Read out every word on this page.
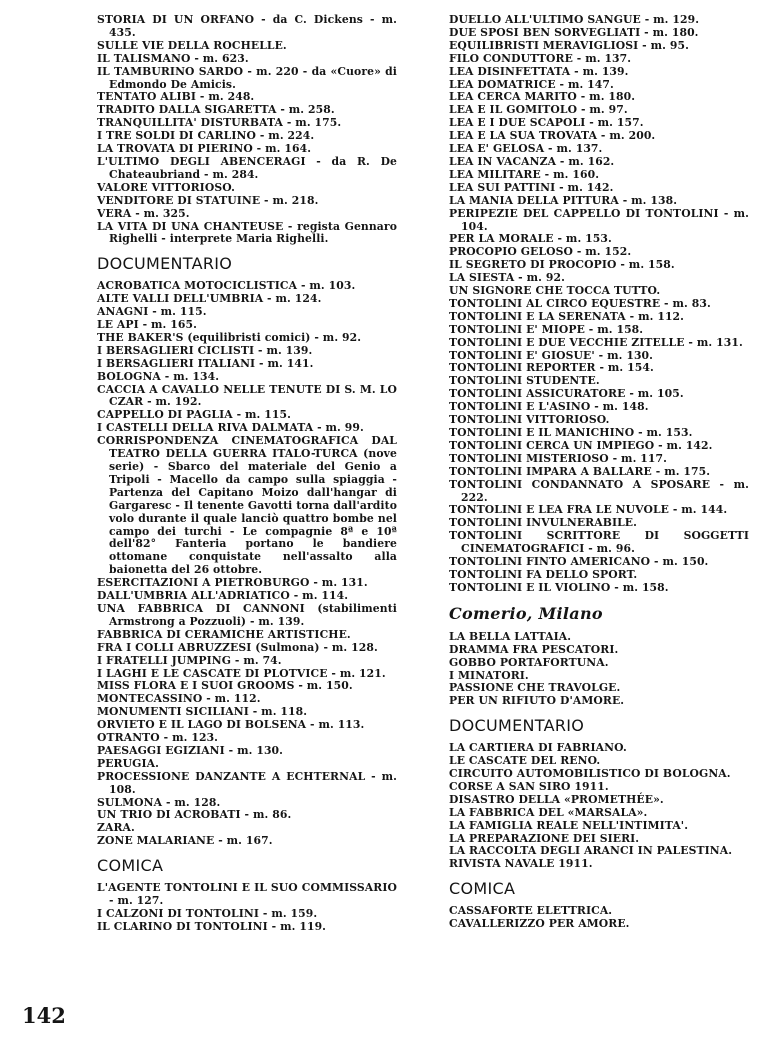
STORIA DI UN ORFANO - da C. Dickens - m. 435.
SULLE VIE DELLA ROCHELLE.
IL TALISMANO - m. 623.
IL TAMBURINO SARDO - m. 220 - da «Cuore» di Edmondo De Amicis.
TENTATO ALIBI - m. 248.
TRADITO DALLA SIGARETTA - m. 258.
TRANQUILLITA' DISTURBATA - m. 175.
I TRE SOLDI DI CARLINO - m. 224.
LA TROVATA DI PIERINO - m. 164.
L'ULTIMO DEGLI ABENCERAGI - da R. De Chateaubriand - m. 284.
VALORE VITTORIOSO.
VENDITORE DI STATUINE - m. 218.
VERA - m. 325.
LA VITA DI UNA CHANTEUSE - regista Gennaro Righelli - interprete Maria Righelli.
DOCUMENTARIO
ACROBATICA MOTOCICLISTICA - m. 103.
ALTE VALLI DELL'UMBRIA - m. 124.
ANAGNI - m. 115.
LE API - m. 165.
THE BAKER'S (equilibristi comici) - m. 92.
I BERSAGLIERI CICLISTI - m. 139.
I BERSAGLIERI ITALIANI - m. 141.
BOLOGNA - m. 134.
CACCIA A CAVALLO NELLE TENUTE DI S. M. LO CZAR - m. 192.
CAPPELLO DI PAGLIA - m. 115.
I CASTELLI DELLA RIVA DALMATA - m. 99.
CORRISPONDENZA CINEMATOGRAFICA DAL TEATRO DELLA GUERRA ITALO-TURCA (nove serie) - Sbarco del materiale del Genio a Tripoli - Macello da campo sulla spiaggia - Partenza del Capitano Moizo dall'hangar di Gargaresc - Il tenente Gavotti torna dall'ardito volo durante il quale lanciò quattro bombe nel campo dei turchi - Le compagnie 8ª e 10ª dell'82° Fanteria portano le bandiere ottomane conquistate nell'assalto alla baionetta del 26 ottobre.
ESERCITAZIONI A PIETROBURGO - m. 131.
DALL'UMBRIA ALL'ADRIATICO - m. 114.
UNA FABBRICA DI CANNONI (stabilimenti Armstrong a Pozzuoli) - m. 139.
FABBRICA DI CERAMICHE ARTISTICHE.
FRA I COLLI ABRUZZESI (Sulmona) - m. 128.
I FRATELLI JUMPING - m. 74.
I LAGHI E LE CASCATE DI PLOTVICE - m. 121.
MISS FLORA E I SUOI GROOMS - m. 150.
MONTECASSINO - m. 112.
MONUMENTI SICILIANI - m. 118.
ORVIETO E IL LAGO DI BOLSENA - m. 113.
OTRANTO - m. 123.
PAESAGGI EGIZIANI - m. 130.
PERUGIA.
PROCESSIONE DANZANTE A ECHTERNAL - m. 108.
SULMONA - m. 128.
UN TRIO DI ACROBATI - m. 86.
ZARA.
ZONE MALARIANE - m. 167.
COMICA
L'AGENTE TONTOLINI E IL SUO COMMISSARIO - m. 127.
I CALZONI DI TONTOLINI - m. 159.
IL CLARINO DI TONTOLINI - m. 119.
DUELLO ALL'ULTIMO SANGUE - m. 129.
DUE SPOSI BEN SORVEGLIATI - m. 180.
EQUILIBRISTI MERAVIGLIOSI - m. 95.
FILO CONDUTTORE - m. 137.
LEA DISINFETTATA - m. 139.
LEA DOMATRICE - m. 147.
LEA CERCA MARITO - m. 180.
LEA E IL GOMITOLO - m. 97.
LEA E I DUE SCAPOLI - m. 157.
LEA E LA SUA TROVATA - m. 200.
LEA E' GELOSA - m. 137.
LEA IN VACANZA - m. 162.
LEA MILITARE - m. 160.
LEA SUI PATTINI - m. 142.
LA MANIA DELLA PITTURA - m. 138.
PERIPEZIE DEL CAPPELLO DI TONTOLINI - m. 104.
PER LA MORALE - m. 153.
PROCOPIO GELOSO - m. 152.
IL SEGRETO DI PROCOPIO - m. 158.
LA SIESTA - m. 92.
UN SIGNORE CHE TOCCA TUTTO.
TONTOLINI AL CIRCO EQUESTRE - m. 83.
TONTOLINI E LA SERENATA - m. 112.
TONTOLINI E' MIOPE - m. 158.
TONTOLINI E DUE VECCHIE ZITELLE - m. 131.
TONTOLINI E' GIOSUE' - m. 130.
TONTOLINI REPORTER - m. 154.
TONTOLINI STUDENTE.
TONTOLINI ASSICURATORE - m. 105.
TONTOLINI E L'ASINO - m. 148.
TONTOLINI VITTORIOSO.
TONTOLINI E IL MANICHINO - m. 153.
TONTOLINI CERCA UN IMPIEGO - m. 142.
TONTOLINI MISTERIOSO - m. 117.
TONTOLINI IMPARA A BALLARE - m. 175.
TONTOLINI CONDANNATO A SPOSARE - m. 222.
TONTOLINI E LEA FRA LE NUVOLE - m. 144.
TONTOLINI INVULNERABILE.
TONTOLINI SCRITTORE DI SOGGETTI CINEMATOGRAFICI - m. 96.
TONTOLINI FINTO AMERICANO - m. 150.
TONTOLINI FA DELLO SPORT.
TONTOLINI E IL VIOLINO - m. 158.
Comerio, Milano
LA BELLA LATTAIA.
DRAMMA FRA PESCATORI.
GOBBO PORTAFORTUNA.
I MINATORI.
PASSIONE CHE TRAVOLGE.
PER UN RIFIUTO D'AMORE.
DOCUMENTARIO
LA CARTIERA DI FABRIANO.
LE CASCATE DEL RENO.
CIRCUITO AUTOMOBILISTICO DI BOLOGNA.
CORSE A SAN SIRO 1911.
DISASTRO DELLA «PROMETHÉE».
LA FABBRICA DEL «MARSALA».
LA FAMIGLIA REALE NELL'INTIMITA'.
LA PREPARAZIONE DEI SIERI.
LA RACCOLTA DEGLI ARANCI IN PALESTINA.
RIVISTA NAVALE 1911.
COMICA
CASSAFORTE ELETTRICA.
CAVALLERIZZO PER AMORE.
142
